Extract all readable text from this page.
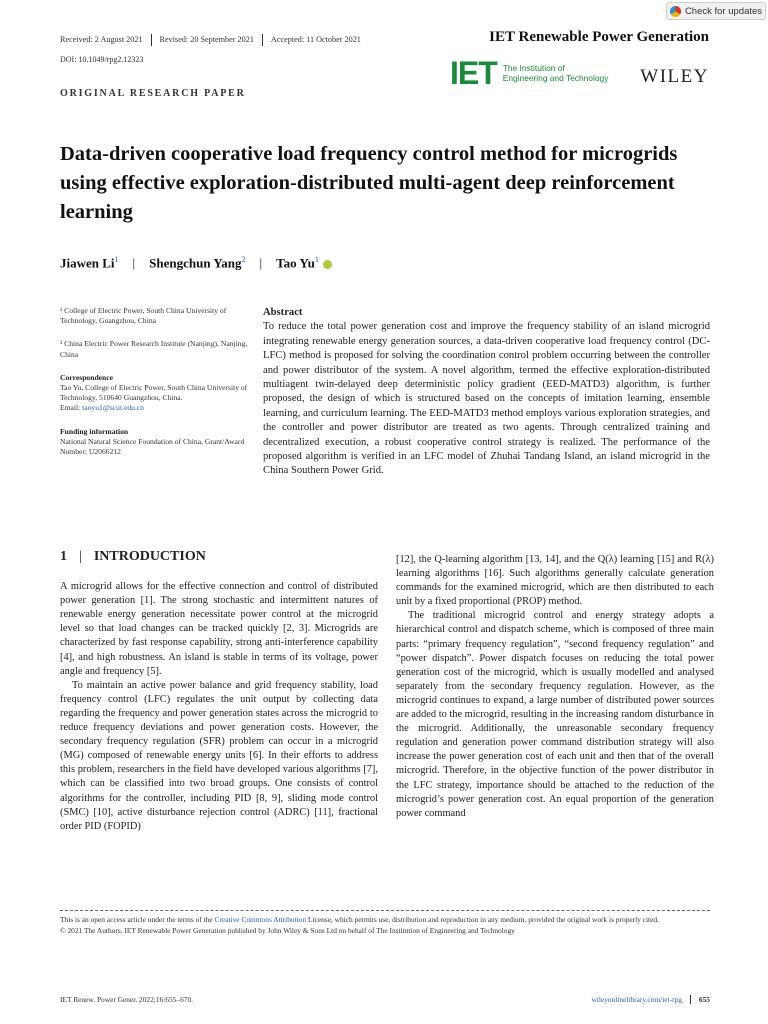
Check for updates
Received: 2 August 2021	Revised: 20 September 2021	Accepted: 11 October 2021
DOI: 10.1049/rpg2.12323
IET Renewable Power Generation
IET The Institution of
Engineering and Technology WILEY
ORIGINAL RESEARCH PAPER
Data-driven cooperative load frequency control method for microgrids using effective exploration-distributed multi-agent deep reinforcement learning
Jiawen Li$^1$ | Shengchun Yang$^2$ | Tao Yu$^1$
¹ College of Electric Power, South China University of Technology, Guangzhou, China
² China Electric Power Research Institute (Nanjing), Nanjing, China
Correspondence
Tao Yu, College of Electric Power, South China University of Technology, 510640 Guangzhou, China.
Email: taoyu1@scut.edu.cn
Funding information
National Natural Science Foundation of China, Grant/Award Number: U2066212
Abstract
To reduce the total power generation cost and improve the frequency stability of an island microgrid integrating renewable energy generation sources, a data-driven cooperative load frequency control (DC-LFC) method is proposed for solving the coordination control problem occurring between the controller and power distributor of the system. A novel algorithm, termed the effective exploration-distributed multiagent twin-delayed deep deterministic policy gradient (EED-MATD3) algorithm, is further proposed, the design of which is structured based on the concepts of imitation learning, ensemble learning, and curriculum learning. The EED-MATD3 method employs various exploration strategies, and the controller and power distributor are treated as two agents. Through centralized training and decentralized execution, a robust cooperative control strategy is realized. The performance of the proposed algorithm is verified in an LFC model of Zhuhai Tandang Island, an island microgrid in the China Southern Power Grid.
1 | INTRODUCTION

A microgrid allows for the effective connection and control of distributed power generation [1]. The strong stochastic and intermittent natures of renewable energy generation necessitate power control at the microgrid level so that load changes can be tracked quickly [2, 3]. Microgrids are characterized by fast response capability, strong anti-interference capability [4], and high robustness. An island is stable in terms of its voltage, power angle and frequency [5].

To maintain an active power balance and grid frequency stability, load frequency control (LFC) regulates the unit output by collecting data regarding the frequency and power generation states across the microgrid to reduce frequency deviations and power generation costs. However, the secondary frequency regulation (SFR) problem can occur in a microgrid (MG) composed of renewable energy units [6]. In their efforts to address this problem, researchers in the field have developed various algorithms [7], which can be classified into two broad groups. One consists of control algorithms for the controller, including PID [8, 9], sliding mode control (SMC) [10], active disturbance rejection control (ADRC) [11], fractional order PID (FOPID)

[12], the Q-learning algorithm [13, 14], and the Q(λ) learning [15] and R(λ) learning algorithms [16]. Such algorithms generally calculate generation commands for the examined microgrid, which are then distributed to each unit by a fixed proportional (PROP) method.

The traditional microgrid control and energy strategy adopts a hierarchical control and dispatch scheme, which is composed of three main parts: “primary frequency regulation”, “second frequency regulation” and “power dispatch”. Power dispatch focuses on reducing the total power generation cost of the microgrid, which is usually modelled and analysed separately from the secondary frequency regulation. However, as the microgrid continues to expand, a large number of distributed power sources are added to the microgrid, resulting in the increasing random disturbance in the microgrid. Additionally, the unreasonable secondary frequency regulation and generation power command distribution strategy will also increase the power generation cost of each unit and then that of the overall microgrid. Therefore, in the objective function of the power distributor in the LFC strategy, importance should be attached to the reduction of the microgrid’s power generation cost. An equal proportion of the generation power command

This is an open access article under the terms of the Creative Commons Attribution License, which permits use, distribution and reproduction in any medium, provided the original work is properly cited.
© 2021 The Authors. IET Renewable Power Generation published by John Wiley & Sons Ltd on behalf of The Institution of Engineering and Technology
IET Renew. Power Gener. 2022;16:655–670.	wileyonlinelibrary.com/iet-rpg	655
